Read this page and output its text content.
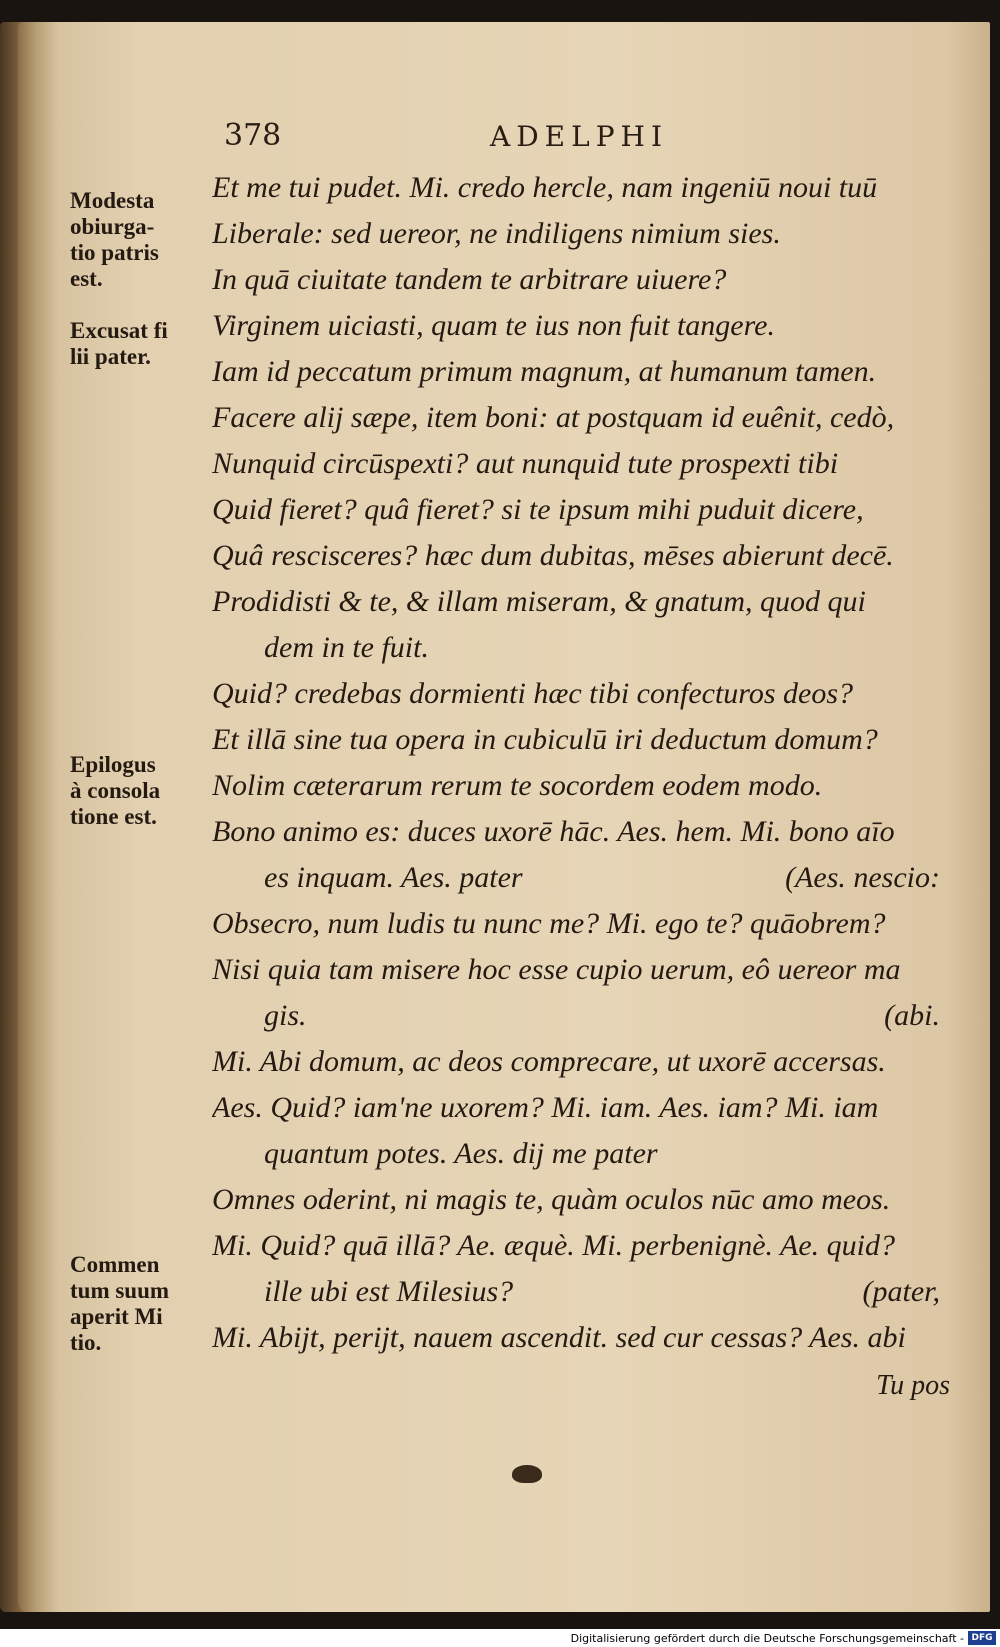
378	ADELPHI
Modesta
obiurga-
tio patris
est.
Excusat fi
lii pater.
Epilogus
à consola
tione est.
Commen
tum suum
aperit Mi
tio.
Et me tui pudet. Mi. credo hercle, nam ingeniū noui tuū
Liberale: sed uereor, ne indiligens nimium sies.
In quā ciuitate tandem te arbitrare uiuere?
Virginem uiciasti, quam te ius non fuit tangere.
Iam id peccatum primum magnum, at humanum tamen.
Facere alij sæpe, item boni: at postquam id euênit, cedò,
Nunquid circūspexti? aut nunquid tute prospexti tibi
Quid fieret? quâ fieret? si te ipsum mihi puduit dicere,
Quâ rescisceres? hæc dum dubitas, mēses abierunt decē.
Prodidisti & te, & illam miseram, & gnatum, quod qui
dem in te fuit.
Quid? credebas dormienti hæc tibi confecturos deos?
Et illā sine tua opera in cubiculū iri deductum domum?
Nolim cæterarum rerum te socordem eodem modo.
Bono animo es: duces uxorē hāc. Aes. hem. Mi. bono aīo
es inquam. Aes. pater	(Aes. nescio:
Obsecro, num ludis tu nunc me? Mi. ego te? quāobrem?
Nisi quia tam misere hoc esse cupio uerum, eô uereor ma
gis.	(abi.
Mi. Abi domum, ac deos comprecare, ut uxorē accersas.
Aes. Quid? iam'ne uxorem? Mi. iam. Aes. iam? Mi. iam
quantum potes. Aes. dij me pater
Omnes oderint, ni magis te, quàm oculos nūc amo meos.
Mi. Quid? quā illā? Ae. æquè. Mi. perbenignè. Ae. quid?
ille ubi est Milesius?	(pater,
Mi. Abijt, perijt, nauem ascendit. sed cur cessas? Aes. abi
Tu pos
Digitalisierung gefördert durch die Deutsche Forschungsgemeinschaft - DFG
